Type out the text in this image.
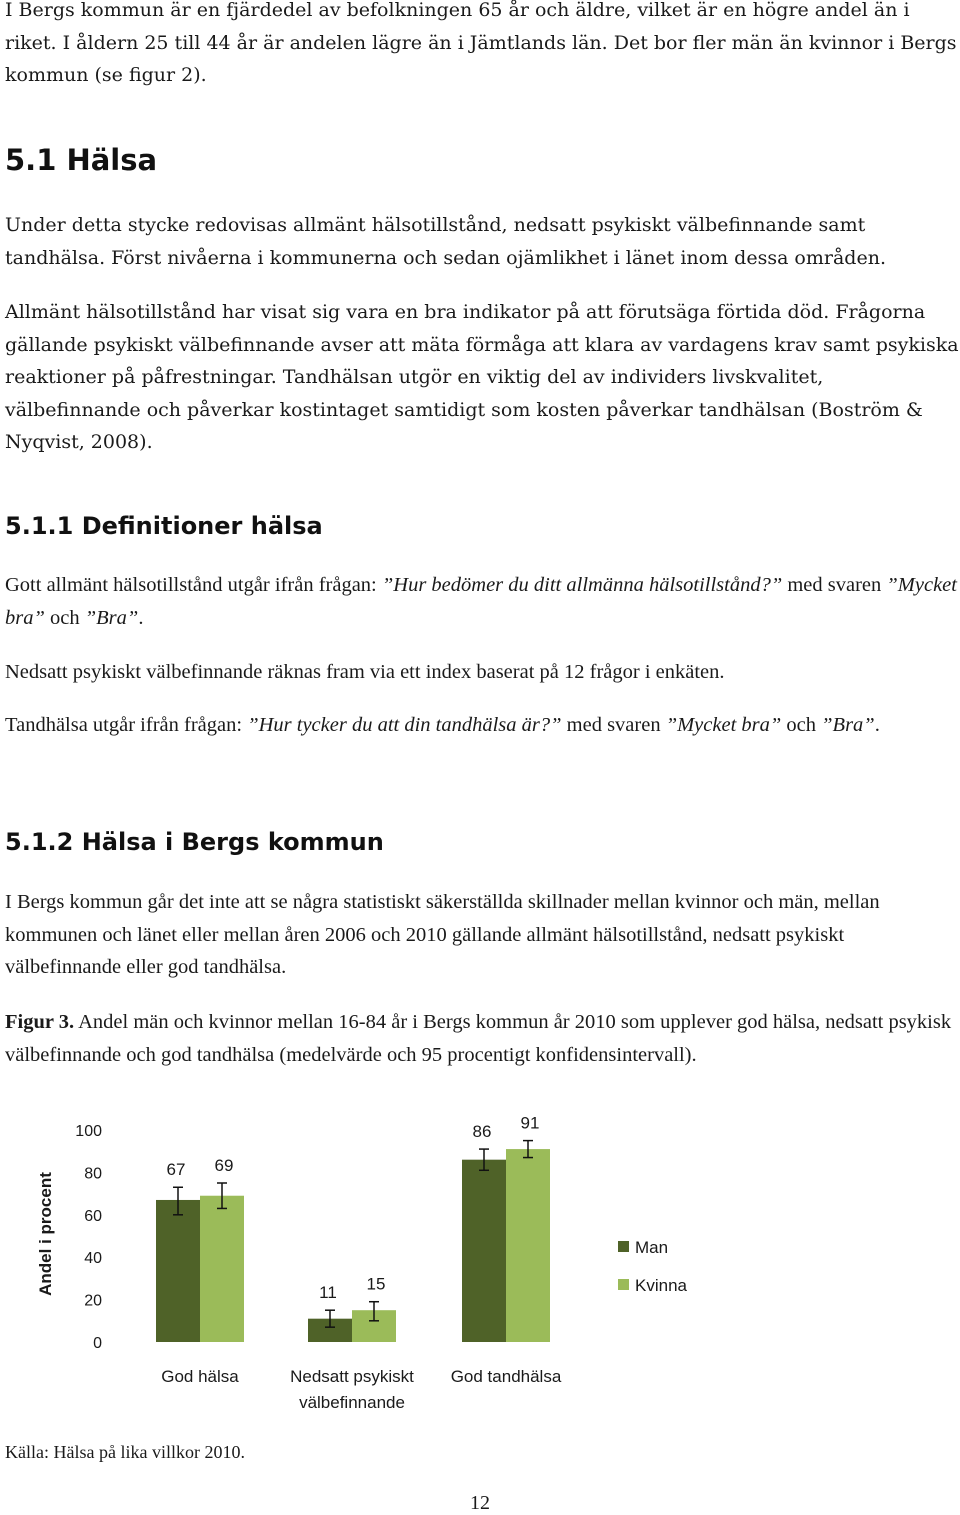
I Bergs kommun är en fjärdedel av befolkningen 65 år och äldre, vilket är en högre andel än i riket. I åldern 25 till 44 år är andelen lägre än i Jämtlands län. Det bor fler män än kvinnor i Bergs kommun (se figur 2).

5.1 Hälsa

Under detta stycke redovisas allmänt hälsotillstånd, nedsatt psykiskt välbefinnande samt tandhälsa. Först nivåerna i kommunerna och sedan ojämlikhet i länet inom dessa områden.

Allmänt hälsotillstånd har visat sig vara en bra indikator på att förutsäga förtida död. Frågorna gällande psykiskt välbefinnande avser att mäta förmåga att klara av vardagens krav samt psykiska reaktioner på påfrestningar. Tandhälsan utgör en viktig del av individers livskvalitet, välbefinnande och påverkar kostintaget samtidigt som kosten påverkar tandhälsan (Boström & Nyqvist, 2008).

5.1.1 Definitioner hälsa

Gott allmänt hälsotillstånd utgår ifrån frågan: ”Hur bedömer du ditt allmänna hälsotillstånd?” med svaren ”Mycket bra” och ”Bra”.

Nedsatt psykiskt välbefinnande räknas fram via ett index baserat på 12 frågor i enkäten.

Tandhälsa utgår ifrån frågan: ”Hur tycker du att din tandhälsa är?” med svaren ”Mycket bra” och ”Bra”.

5.1.2 Hälsa i Bergs kommun

I Bergs kommun går det inte att se några statistiskt säkerställda skillnader mellan kvinnor och män, mellan kommunen och länet eller mellan åren 2006 och 2010 gällande allmänt hälsotillstånd, nedsatt psykiskt välbefinnande eller god tandhälsa.

Figur 3. Andel män och kvinnor mellan 16-84 år i Bergs kommun år 2010 som upplever god hälsa, nedsatt psykisk välbefinnande och god tandhälsa (medelvärde och 95 procentigt konfidensintervall).

0
20
40
60
80
100
Andel i procent
67 69
God hälsa
11 15
Nedsatt psykiskt
välbefinnande
86 91
God tandhälsa
Man
Kvinna
Källa: Hälsa på lika villkor 2010.
12
